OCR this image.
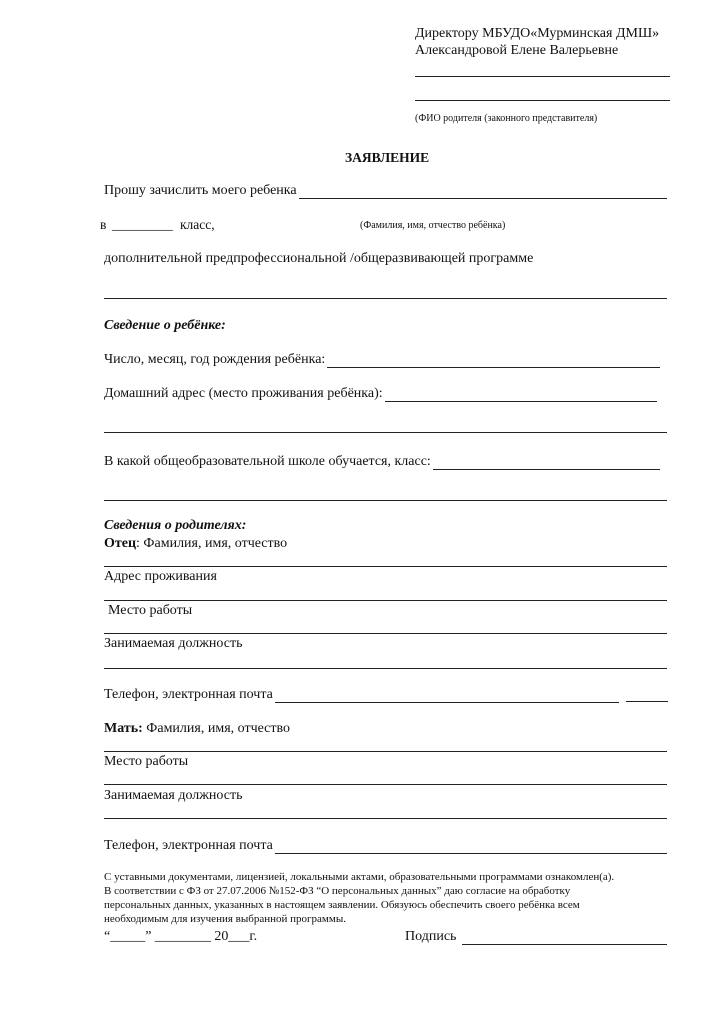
Директору МБУДО«Мурминская ДМШ»
Александровой Елене Валерьевне
(ФИО родителя (законного представителя)
ЗАЯВЛЕНИЕ
Прошу зачислить моего ребенка
в _________ класс,	(Фамилия, имя, отчество ребёнка)
дополнительной предпрофессиональной /общеразвивающей программе
Сведение о ребёнке:
Число, месяц, год рождения ребёнка:
Домашний адрес (место проживания ребёнка):
В какой общеобразовательной школе обучается, класс:
Сведения о родителях:
Отец: Фамилия, имя, отчество
Адрес проживания
Место работы
Занимаемая должность
Телефон, электронная почта
Мать: Фамилия, имя, отчество
Место работы
Занимаемая должность
Телефон, электронная почта
С уставными документами, лицензией, локальными актами, образовательными программами ознакомлен(а).
В соответствии с ФЗ от 27.07.2006 №152-ФЗ “О персональных данных” даю согласие на обработку
персональных данных, указанных в настоящем заявлении. Обязуюсь обеспечить своего ребёнка всем
необходимым для изучения выбранной программы.
“_____” ________ 20___г.	Подпись
